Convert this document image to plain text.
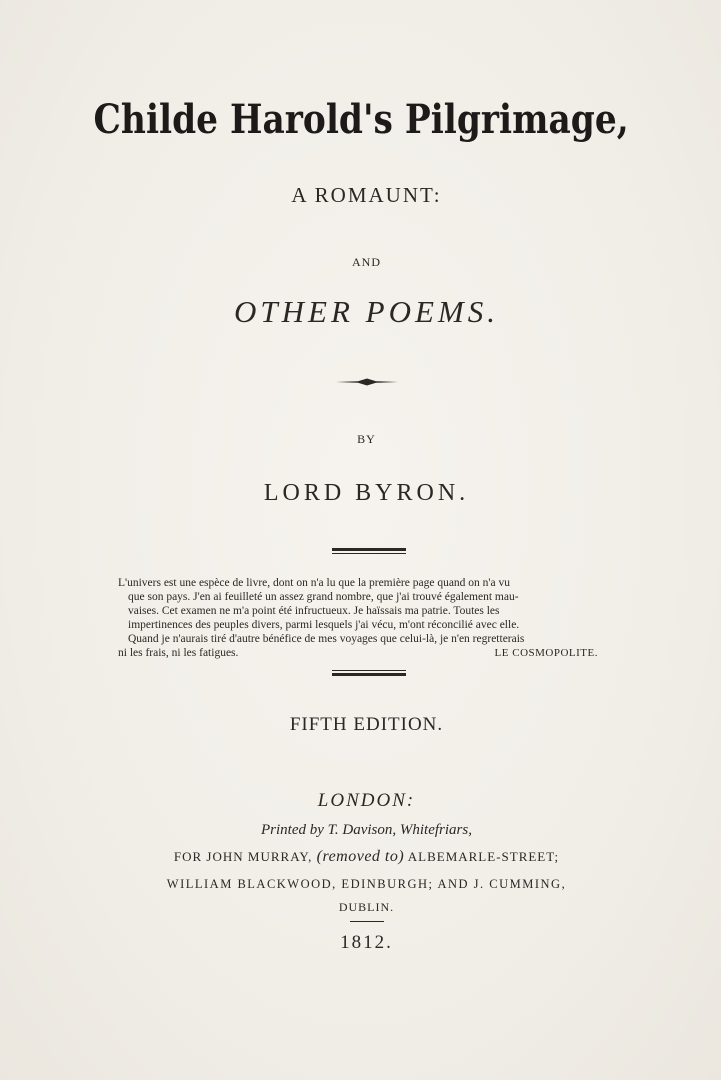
Childe Harold's Pilgrimage,
A ROMAUNT:
AND
OTHER POEMS.
BY
LORD BYRON.
L'univers est une espèce de livre, dont on n'a lu que la première page quand on n'a vu
que son pays. J'en ai feuilleté un assez grand nombre, que j'ai trouvé également mau-
vaises. Cet examen ne m'a point été infructueux. Je haïssais ma patrie. Toutes les
impertinences des peuples divers, parmi lesquels j'ai vécu, m'ont réconcilié avec elle.
Quand je n'aurais tiré d'autre bénéfice de mes voyages que celui-là, je n'en regretterais
ni les frais, ni les fatigues.	LE COSMOPOLITE.
FIFTH EDITION.
LONDON:
Printed by T. Davison, Whitefriars,
FOR JOHN MURRAY, (removed to) ALBEMARLE-STREET;
WILLIAM BLACKWOOD, EDINBURGH; AND J. CUMMING,
DUBLIN.
1812.
